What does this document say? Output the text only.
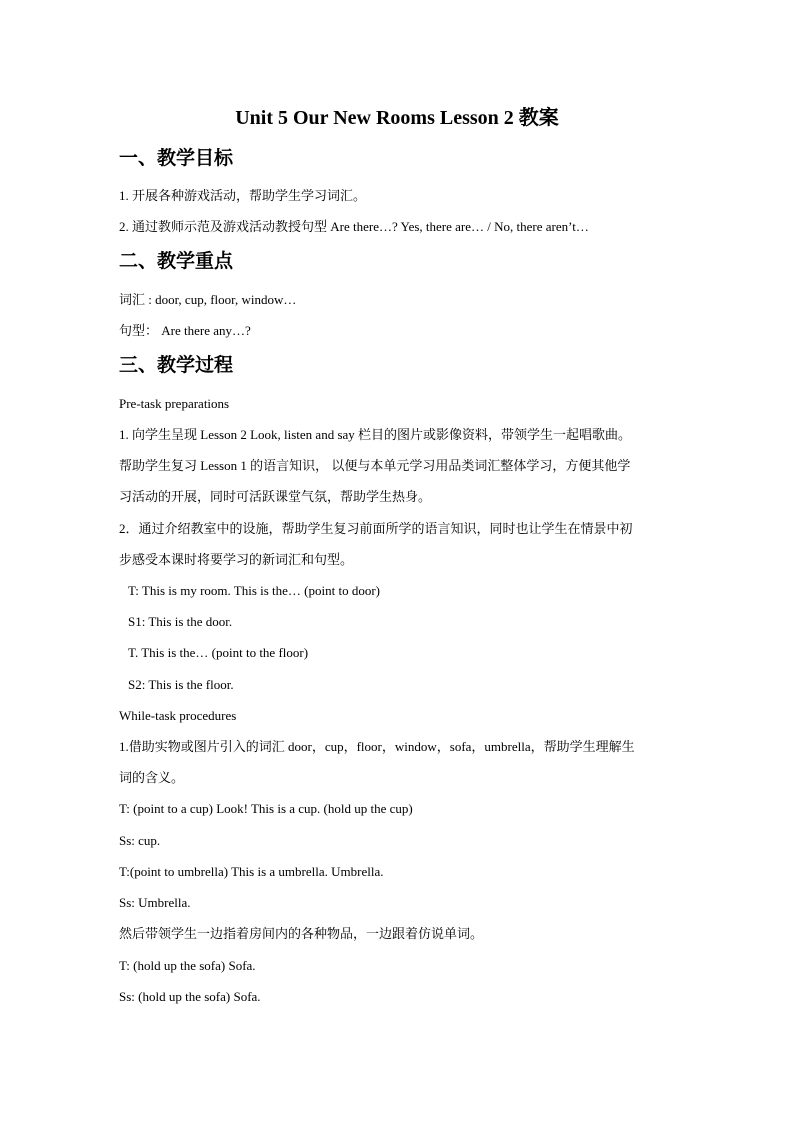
Unit 5 Our New Rooms Lesson 2 教案
一、教学目标
1. 开展各种游戏活动，帮助学生学习词汇。
2. 通过教师示范及游戏活动教授句型 Are there…? Yes, there are… / No, there aren’t…
二、教学重点
词汇 : door, cup, floor, window…
句型： Are there any…?
三、教学过程
Pre-task preparations
1. 向学生呈现 Lesson 2 Look, listen and say 栏目的图片或影像资料，带领学生一起唱歌曲。
帮助学生复习 Lesson 1 的语言知识， 以便与本单元学习用品类词汇整体学习，方便其他学
习活动的开展，同时可活跃课堂气氛，帮助学生热身。
2．通过介绍教室中的设施，帮助学生复习前面所学的语言知识，同时也让学生在情景中初
步感受本课时将要学习的新词汇和句型。
T: This is my room. This is the… (point to door)
S1: This is the door.
T. This is the… (point to the floor)
S2: This is the floor.
While-task procedures
1.借助实物或图片引入的词汇 door，cup，floor，window，sofa，umbrella，帮助学生理解生
词的含义。
T: (point to a cup) Look! This is a cup. (hold up the cup)
Ss: cup.
T:(point to umbrella) This is a umbrella. Umbrella.
Ss: Umbrella.
然后带领学生一边指着房间内的各种物品，一边跟着仿说单词。
T: (hold up the sofa) Sofa.
Ss: (hold up the sofa) Sofa.
